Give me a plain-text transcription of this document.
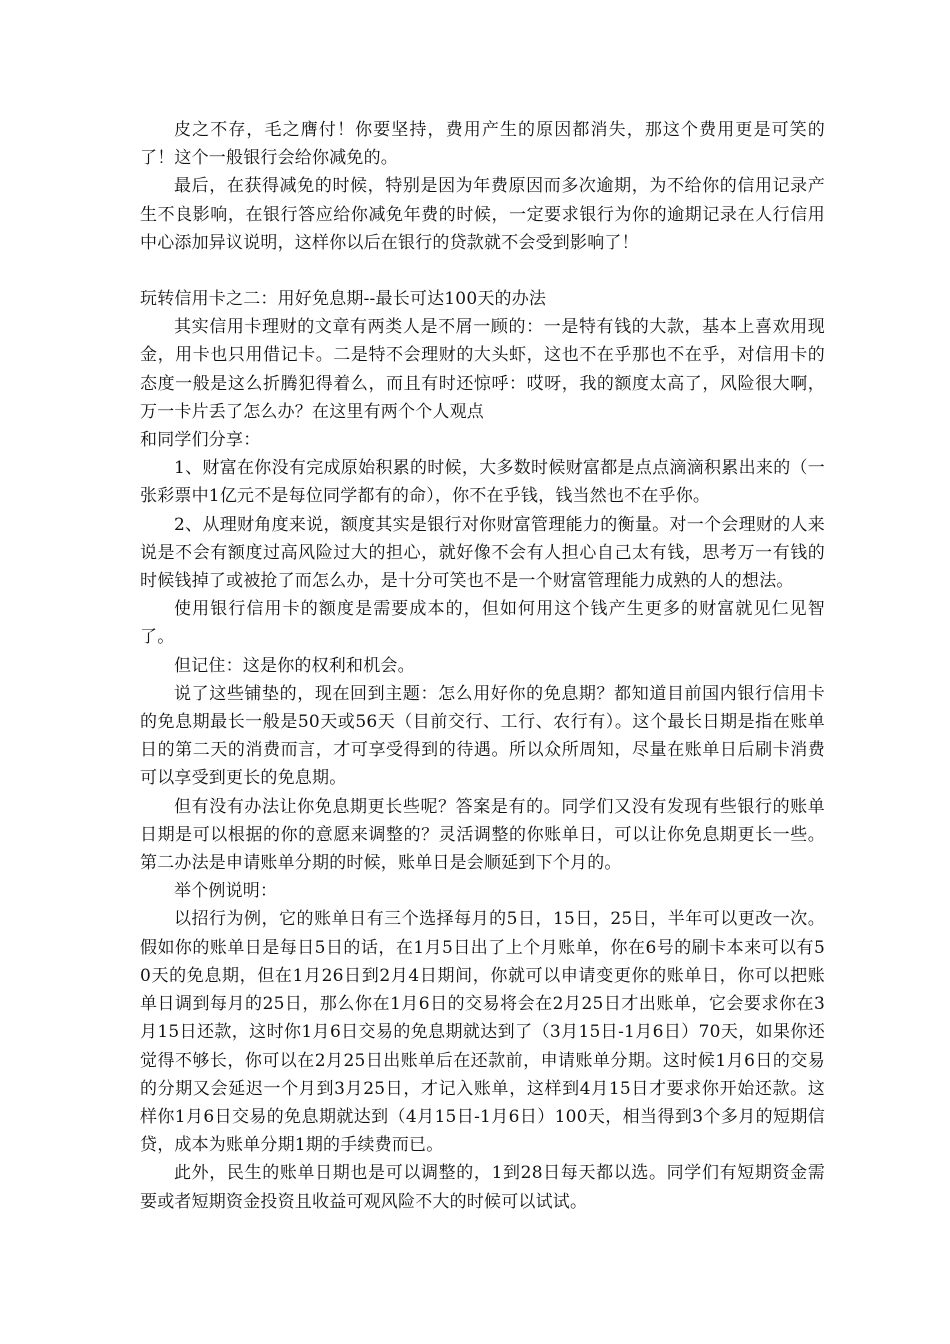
皮之不存，毛之膺付！你要坚持，费用产生的原因都消失，那这个费用更是可笑的了！这个一般银行会给你减免的。

最后，在获得减免的时候，特别是因为年费原因而多次逾期，为不给你的信用记录产生不良影响，在银行答应给你减免年费的时候，一定要求银行为你的逾期记录在人行信用中心添加异议说明，这样你以后在银行的贷款就不会受到影响了！

玩转信用卡之二：用好免息期--最长可达100天的办法

其实信用卡理财的文章有两类人是不屑一顾的：一是特有钱的大款，基本上喜欢用现金，用卡也只用借记卡。二是特不会理财的大头虾，这也不在乎那也不在乎，对信用卡的态度一般是这么折腾犯得着么，而且有时还惊呼：哎呀，我的额度太高了，风险很大啊，万一卡片丢了怎么办？在这里有两个个人观点

和同学们分享：

1、财富在你没有完成原始积累的时候，大多数时候财富都是点点滴滴积累出来的（一张彩票中1亿元不是每位同学都有的命），你不在乎钱，钱当然也不在乎你。

2、从理财角度来说，额度其实是银行对你财富管理能力的衡量。对一个会理财的人来说是不会有额度过高风险过大的担心，就好像不会有人担心自己太有钱，思考万一有钱的时候钱掉了或被抢了而怎么办，是十分可笑也不是一个财富管理能力成熟的人的想法。

使用银行信用卡的额度是需要成本的，但如何用这个钱产生更多的财富就见仁见智了。

但记住：这是你的权利和机会。

说了这些铺垫的，现在回到主题：怎么用好你的免息期？都知道目前国内银行信用卡的免息期最长一般是50天或56天（目前交行、工行、农行有）。这个最长日期是指在账单日的第二天的消费而言，才可享受得到的待遇。所以众所周知，尽量在账单日后刷卡消费可以享受到更长的免息期。

但有没有办法让你免息期更长些呢？答案是有的。同学们又没有发现有些银行的账单日期是可以根据的你的意愿来调整的？灵活调整的你账单日，可以让你免息期更长一些。第二办法是申请账单分期的时候，账单日是会顺延到下个月的。

举个例说明：

以招行为例，它的账单日有三个选择每月的5日，15日，25日，半年可以更改一次。假如你的账单日是每日5日的话，在1月5日出了上个月账单，你在6号的刷卡本来可以有50天的免息期，但在1月26日到2月4日期间，你就可以申请变更你的账单日，你可以把账单日调到每月的25日，那么你在1月6日的交易将会在2月25日才出账单，它会要求你在3月15日还款，这时你1月6日交易的免息期就达到了（3月15日-1月6日）70天，如果你还觉得不够长，你可以在2月25日出账单后在还款前，申请账单分期。这时候1月6日的交易的分期又会延迟一个月到3月25日，才记入账单，这样到4月15日才要求你开始还款。这样你1月6日交易的免息期就达到（4月15日-1月6日）100天，相当得到3个多月的短期信贷，成本为账单分期1期的手续费而已。

此外，民生的账单日期也是可以调整的，1到28日每天都以选。同学们有短期资金需要或者短期资金投资且收益可观风险不大的时候可以试试。
